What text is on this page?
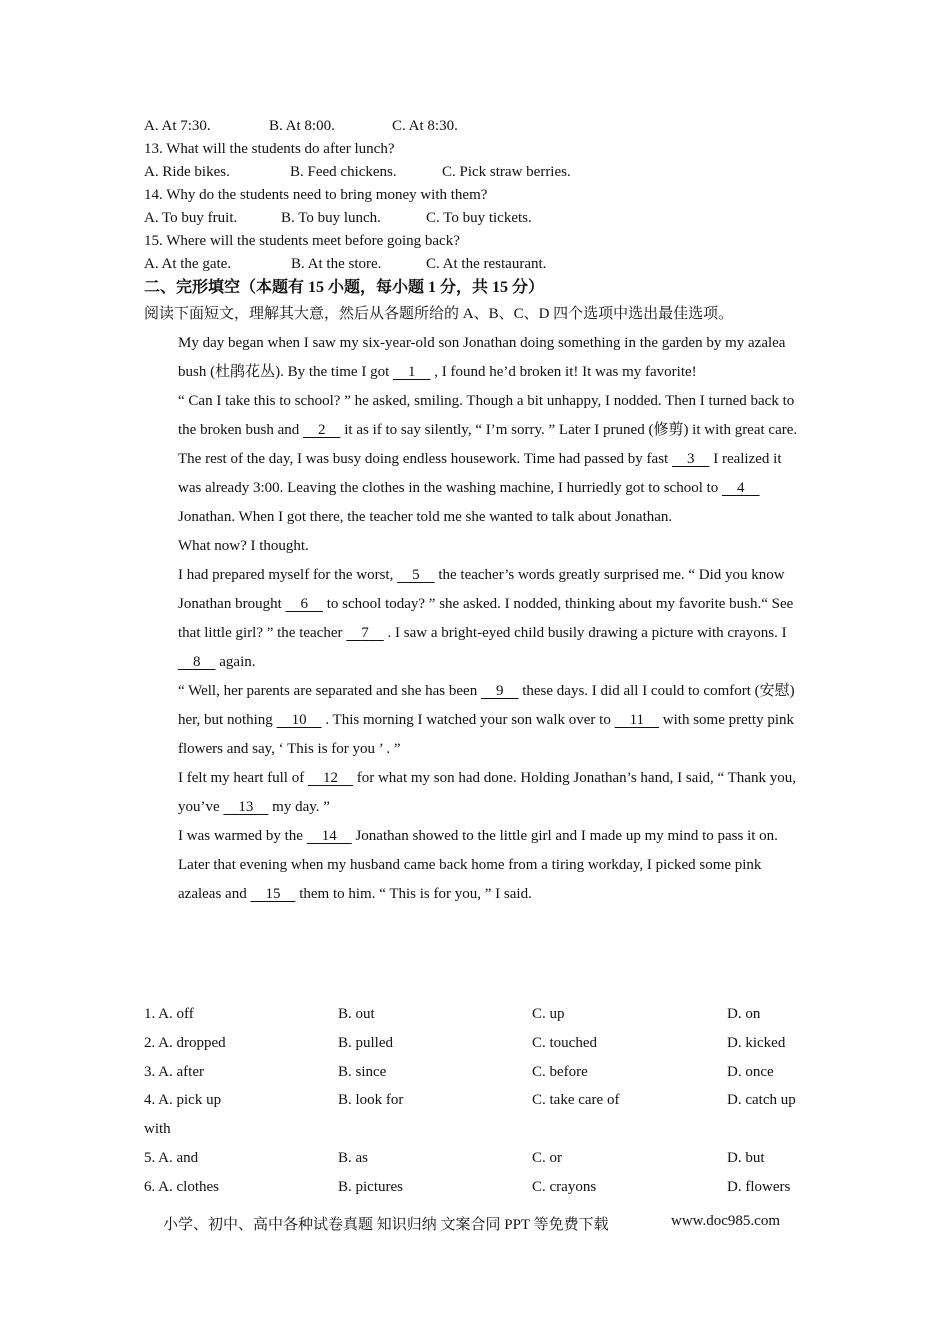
A. At 7:30.	B. At 8:00.	C. At 8:30.
13. What will the students do after lunch?
A. Ride bikes.	B. Feed chickens.	C. Pick straw berries.
14. Why do the students need to bring money with them?
A. To buy fruit.	B. To buy lunch.	C. To buy tickets.
15. Where will the students meet before going back?
A. At the gate.	B. At the store.	C. At the restaurant.
二、完形填空（本题有 15 小题，每小题 1 分，共 15 分）
阅读下面短文，理解其大意，然后从各题所给的 A、B、C、D 四个选项中选出最佳选项。
My day began when I saw my six-year-old son Jonathan doing something in the garden by my azalea bush (杜鹃花丛). By the time I got 1 , I found he’d broken it! It was my favorite!
“ Can I take this to school? ” he asked, smiling. Though a bit unhappy, I nodded. Then I turned back to the broken bush and 2 it as if to say silently, “ I’m sorry. ” Later I pruned (修剪) it with great care.
The rest of the day, I was busy doing endless housework. Time had passed by fast 3 I realized it was already 3:00. Leaving the clothes in the washing machine, I hurriedly got to school to 4 Jonathan. When I got there, the teacher told me she wanted to talk about Jonathan.
What now? I thought.
I had prepared myself for the worst, 5 the teacher’s words greatly surprised me. “ Did you know Jonathan brought 6 to school today? ” she asked. I nodded, thinking about my favorite bush.“ See that little girl? ” the teacher 7 . I saw a bright-eyed child busily drawing a picture with crayons. I 8 again.
“ Well, her parents are separated and she has been 9 these days. I did all I could to comfort (安慰) her, but nothing 10 . This morning I watched your son walk over to 11 with some pretty pink flowers and say, ‘ This is for you ’ . ”
I felt my heart full of 12 for what my son had done. Holding Jonathan’s hand, I said, “ Thank you, you’ve 13 my day. ”
I was warmed by the 14 Jonathan showed to the little girl and I made up my mind to pass it on. Later that evening when my husband came back home from a tiring workday, I picked some pink azaleas and 15 them to him. “ This is for you, ” I said.
1. A. off	B. out	C. up	D. on
2. A. dropped	B. pulled	C. touched	D. kicked
3. A. after	B. since	C. before	D. once
4. A. pick up	B. look for	C. take care of	D. catch up
with
5. A. and	B. as	C. or	D. but
6. A. clothes	B. pictures	C. crayons	D. flowers
小学、初中、高中各种试卷真题 知识归纳 文案合同 PPT 等免费下载	www.doc985.com
